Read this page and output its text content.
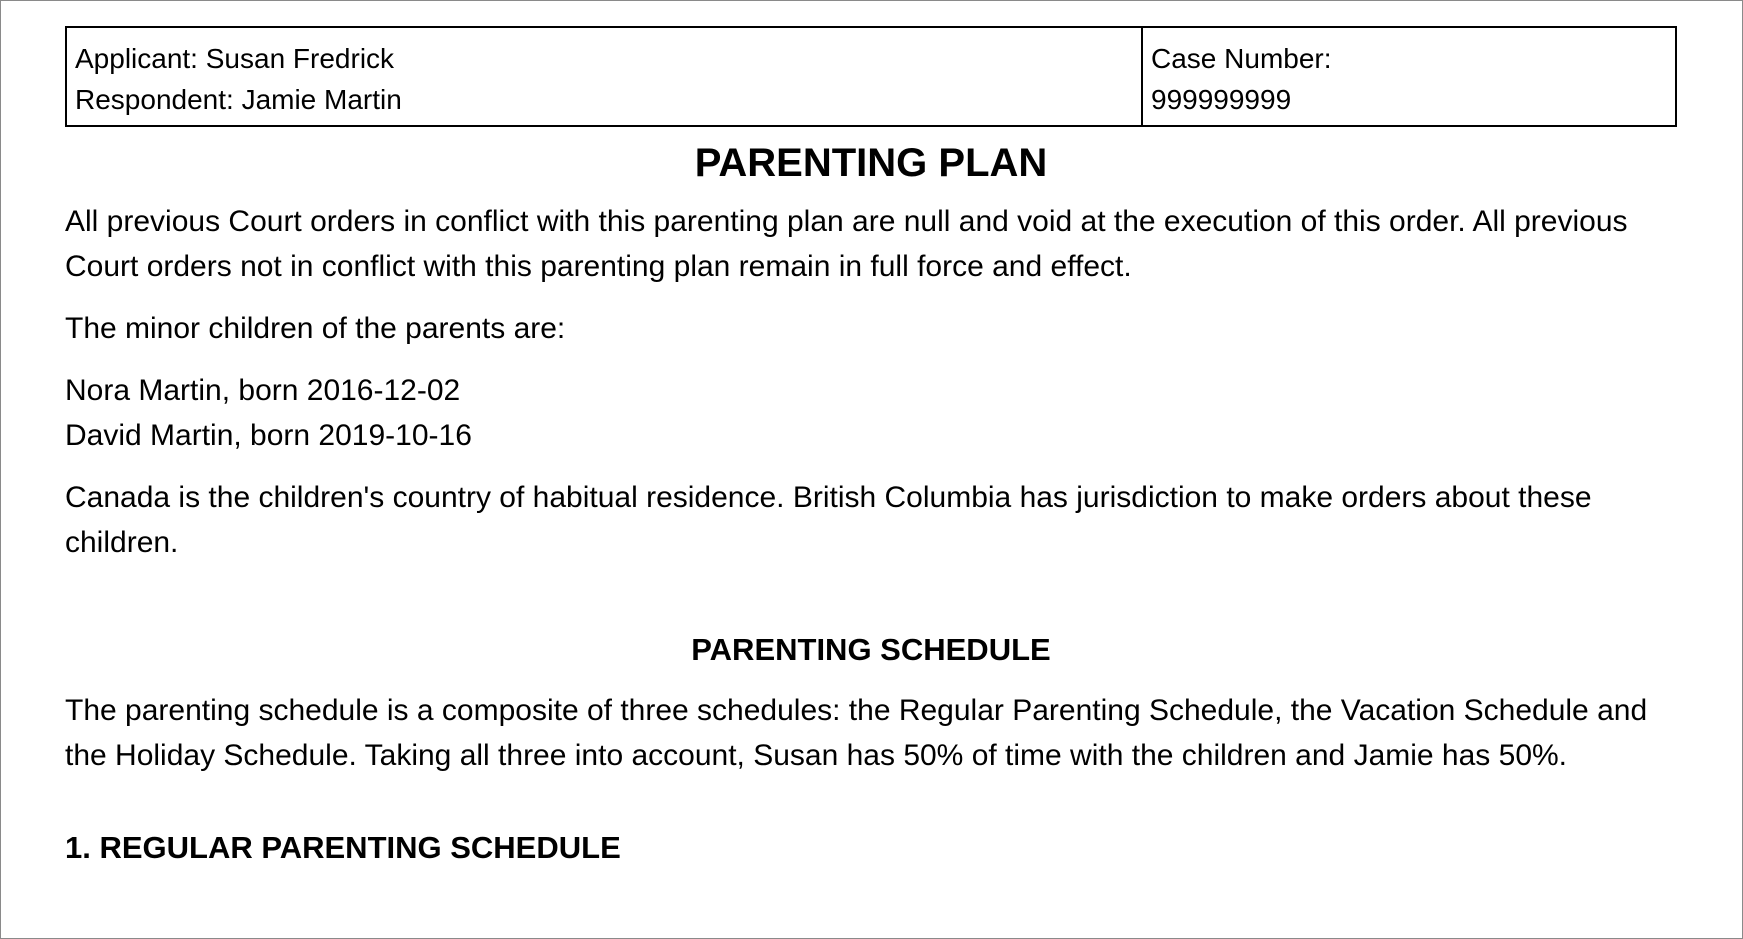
Applicant: Susan Fredrick
Respondent: Jamie Martin
Case Number:
999999999
PARENTING PLAN

All previous Court orders in conflict with this parenting plan are null and void at the execution of this order. All previous Court orders not in conflict with this parenting plan remain in full force and effect.

The minor children of the parents are:

Nora Martin, born 2016-12-02
David Martin, born 2019-10-16

Canada is the children's country of habitual residence. British Columbia has jurisdiction to make orders about these children.

PARENTING SCHEDULE

The parenting schedule is a composite of three schedules: the Regular Parenting Schedule, the Vacation Schedule and the Holiday Schedule. Taking all three into account, Susan has 50% of time with the children and Jamie has 50%.

1. REGULAR PARENTING SCHEDULE
